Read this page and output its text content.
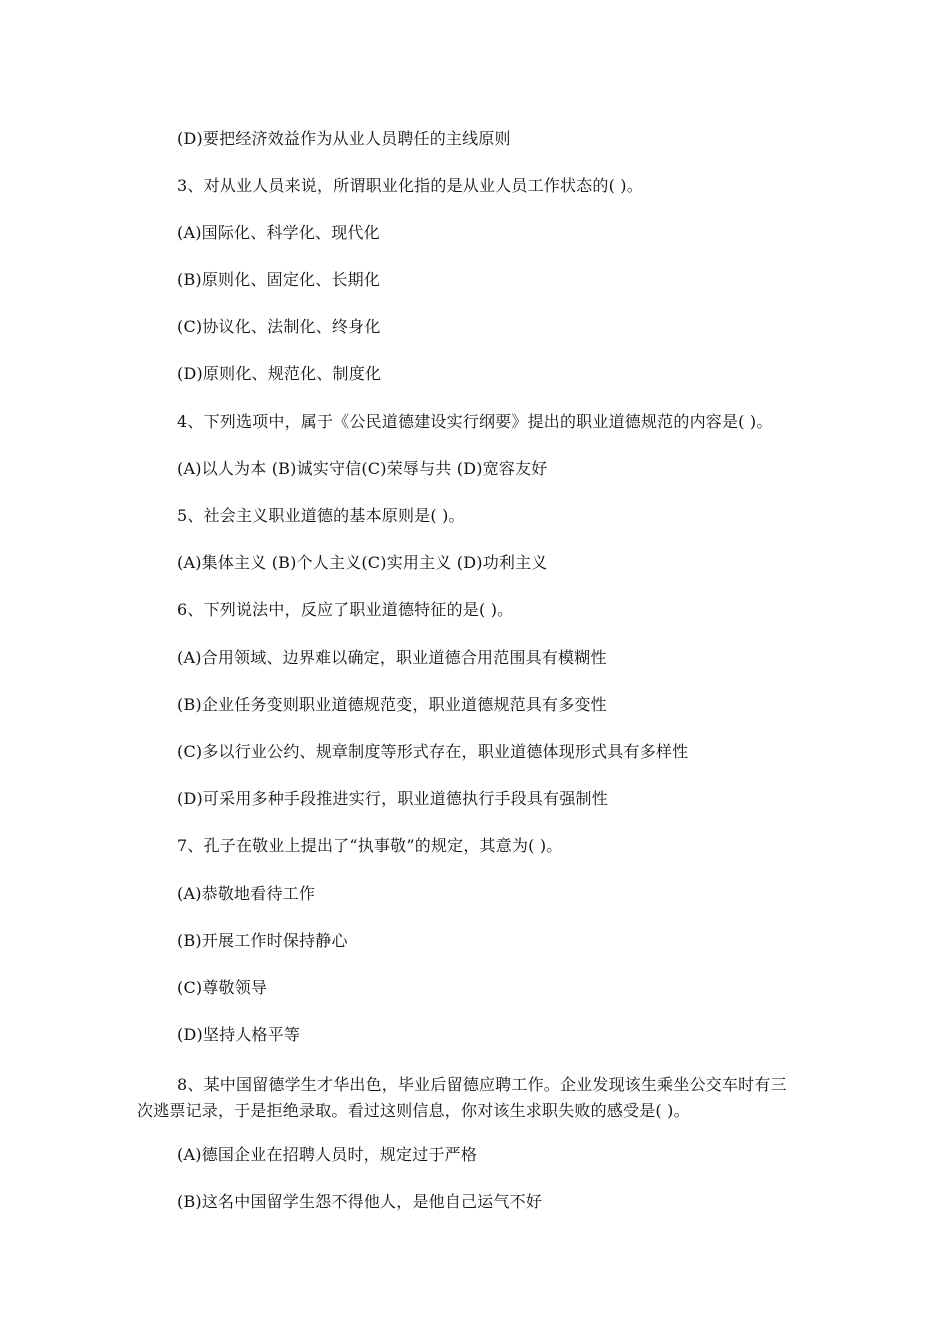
(D)要把经济效益作为从业人员聘任的主线原则
3、对从业人员来说，所谓职业化指的是从业人员工作状态的( )。
(A)国际化、科学化、现代化
(B)原则化、固定化、长期化
(C)协议化、法制化、终身化
(D)原则化、规范化、制度化
4、下列选项中，属于《公民道德建设实行纲要》提出的职业道德规范的内容是( )。
(A)以人为本 (B)诚实守信(C)荣辱与共 (D)宽容友好
5、社会主义职业道德的基本原则是( )。
(A)集体主义 (B)个人主义(C)实用主义 (D)功利主义
6、下列说法中，反应了职业道德特征的是( )。
(A)合用领域、边界难以确定，职业道德合用范围具有模糊性
(B)企业任务变则职业道德规范变，职业道德规范具有多变性
(C)多以行业公约、规章制度等形式存在，职业道德体现形式具有多样性
(D)可采用多种手段推进实行，职业道德执行手段具有强制性
7、孔子在敬业上提出了“执事敬”的规定，其意为( )。
(A)恭敬地看待工作
(B)开展工作时保持静心
(C)尊敬领导
(D)坚持人格平等
8、某中国留德学生才华出色，毕业后留德应聘工作。企业发现该生乘坐公交车时有三
次逃票记录，于是拒绝录取。看过这则信息，你对该生求职失败的感受是( )。
(A)德国企业在招聘人员时，规定过于严格
(B)这名中国留学生怨不得他人，是他自己运气不好
